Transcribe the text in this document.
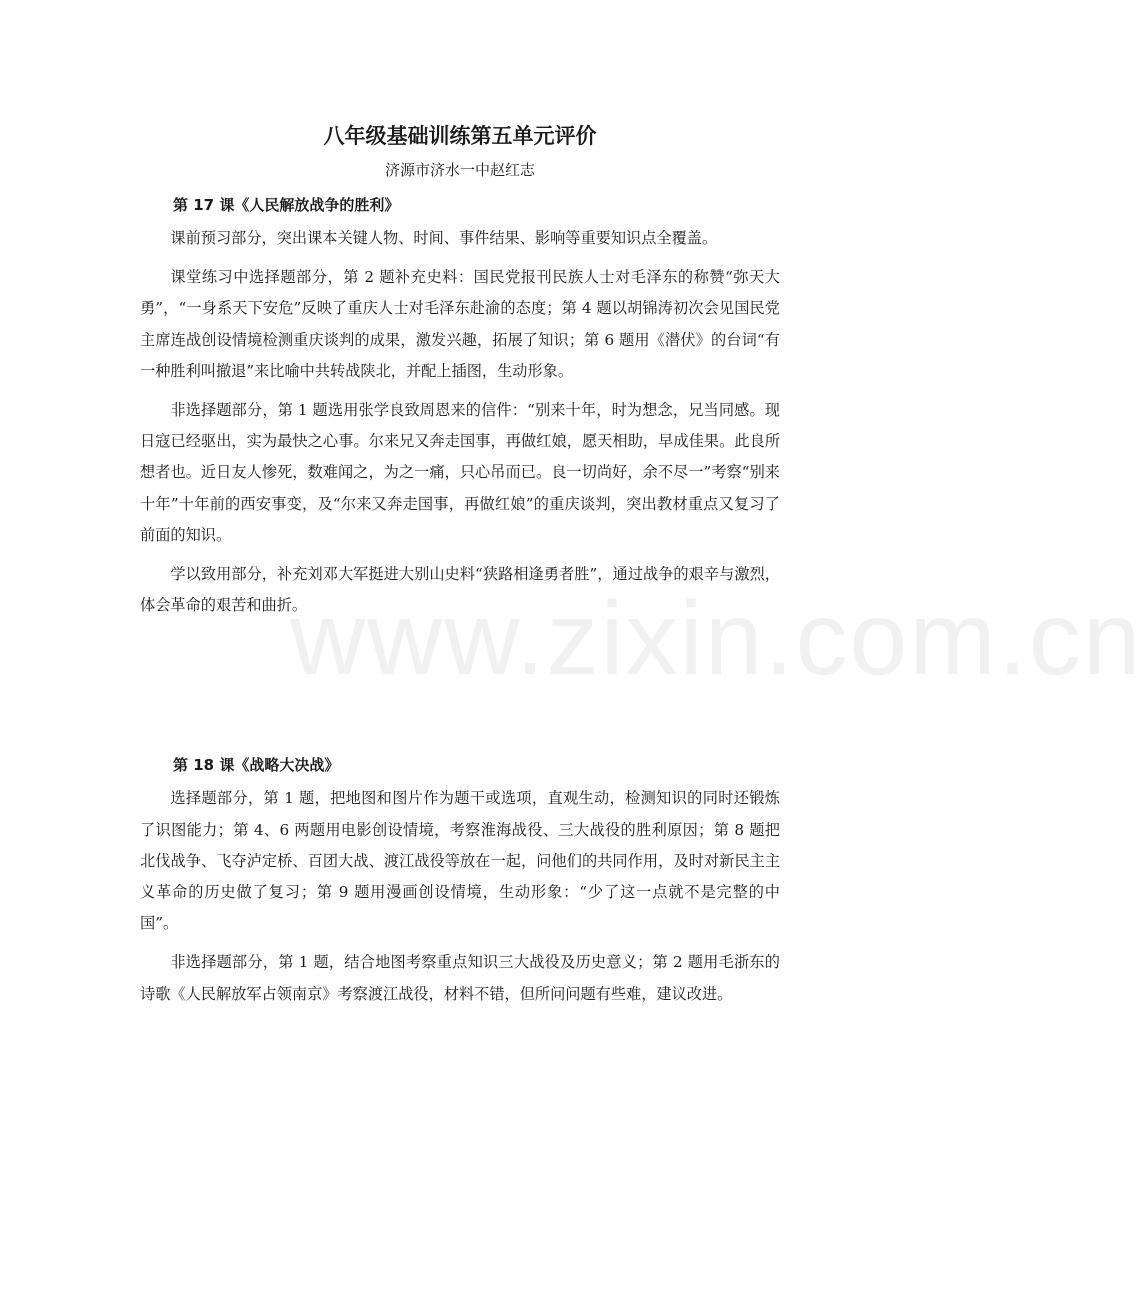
www.zixin.com.cn
八年级基础训练第五单元评价
济源市济水一中赵红志
第 17 课《人民解放战争的胜利》

课前预习部分，突出课本关键人物、时间、事件结果、影响等重要知识点全覆盖。

课堂练习中选择题部分，第 2 题补充史料：国民党报刊民族人士对毛泽东的称赞“弥天大勇”，“一身系天下安危”反映了重庆人士对毛泽东赴渝的态度；第 4 题以胡锦涛初次会见国民党主席连战创设情境检测重庆谈判的成果，激发兴趣，拓展了知识；第 6 题用《潜伏》的台词“有一种胜利叫撤退”来比喻中共转战陕北，并配上插图，生动形象。

非选择题部分，第 1 题选用张学良致周恩来的信件：“别来十年，时为想念，兄当同感。现日寇已经驱出，实为最快之心事。尔来兄又奔走国事，再做红娘，愿天相助，早成佳果。此良所想者也。近日友人惨死，数难闻之，为之一痛，只心吊而已。良一切尚好，余不尽一”考察“别来十年”十年前的西安事变，及“尔来又奔走国事，再做红娘”的重庆谈判，突出教材重点又复习了前面的知识。

学以致用部分，补充刘邓大军挺进大别山史料“狭路相逢勇者胜”，通过战争的艰辛与激烈，体会革命的艰苦和曲折。

第 18 课《战略大决战》

选择题部分，第 1 题，把地图和图片作为题干或选项，直观生动，检测知识的同时还锻炼了识图能力；第 4、6 两题用电影创设情境，考察淮海战役、三大战役的胜利原因；第 8 题把北伐战争、飞夺泸定桥、百团大战、渡江战役等放在一起，问他们的共同作用，及时对新民主主义革命的历史做了复习；第 9 题用漫画创设情境，生动形象：“少了这一点就不是完整的中国”。

非选择题部分，第 1 题，结合地图考察重点知识三大战役及历史意义；第 2 题用毛浙东的诗歌《人民解放军占领南京》考察渡江战役，材料不错，但所问问题有些难，建议改进。
